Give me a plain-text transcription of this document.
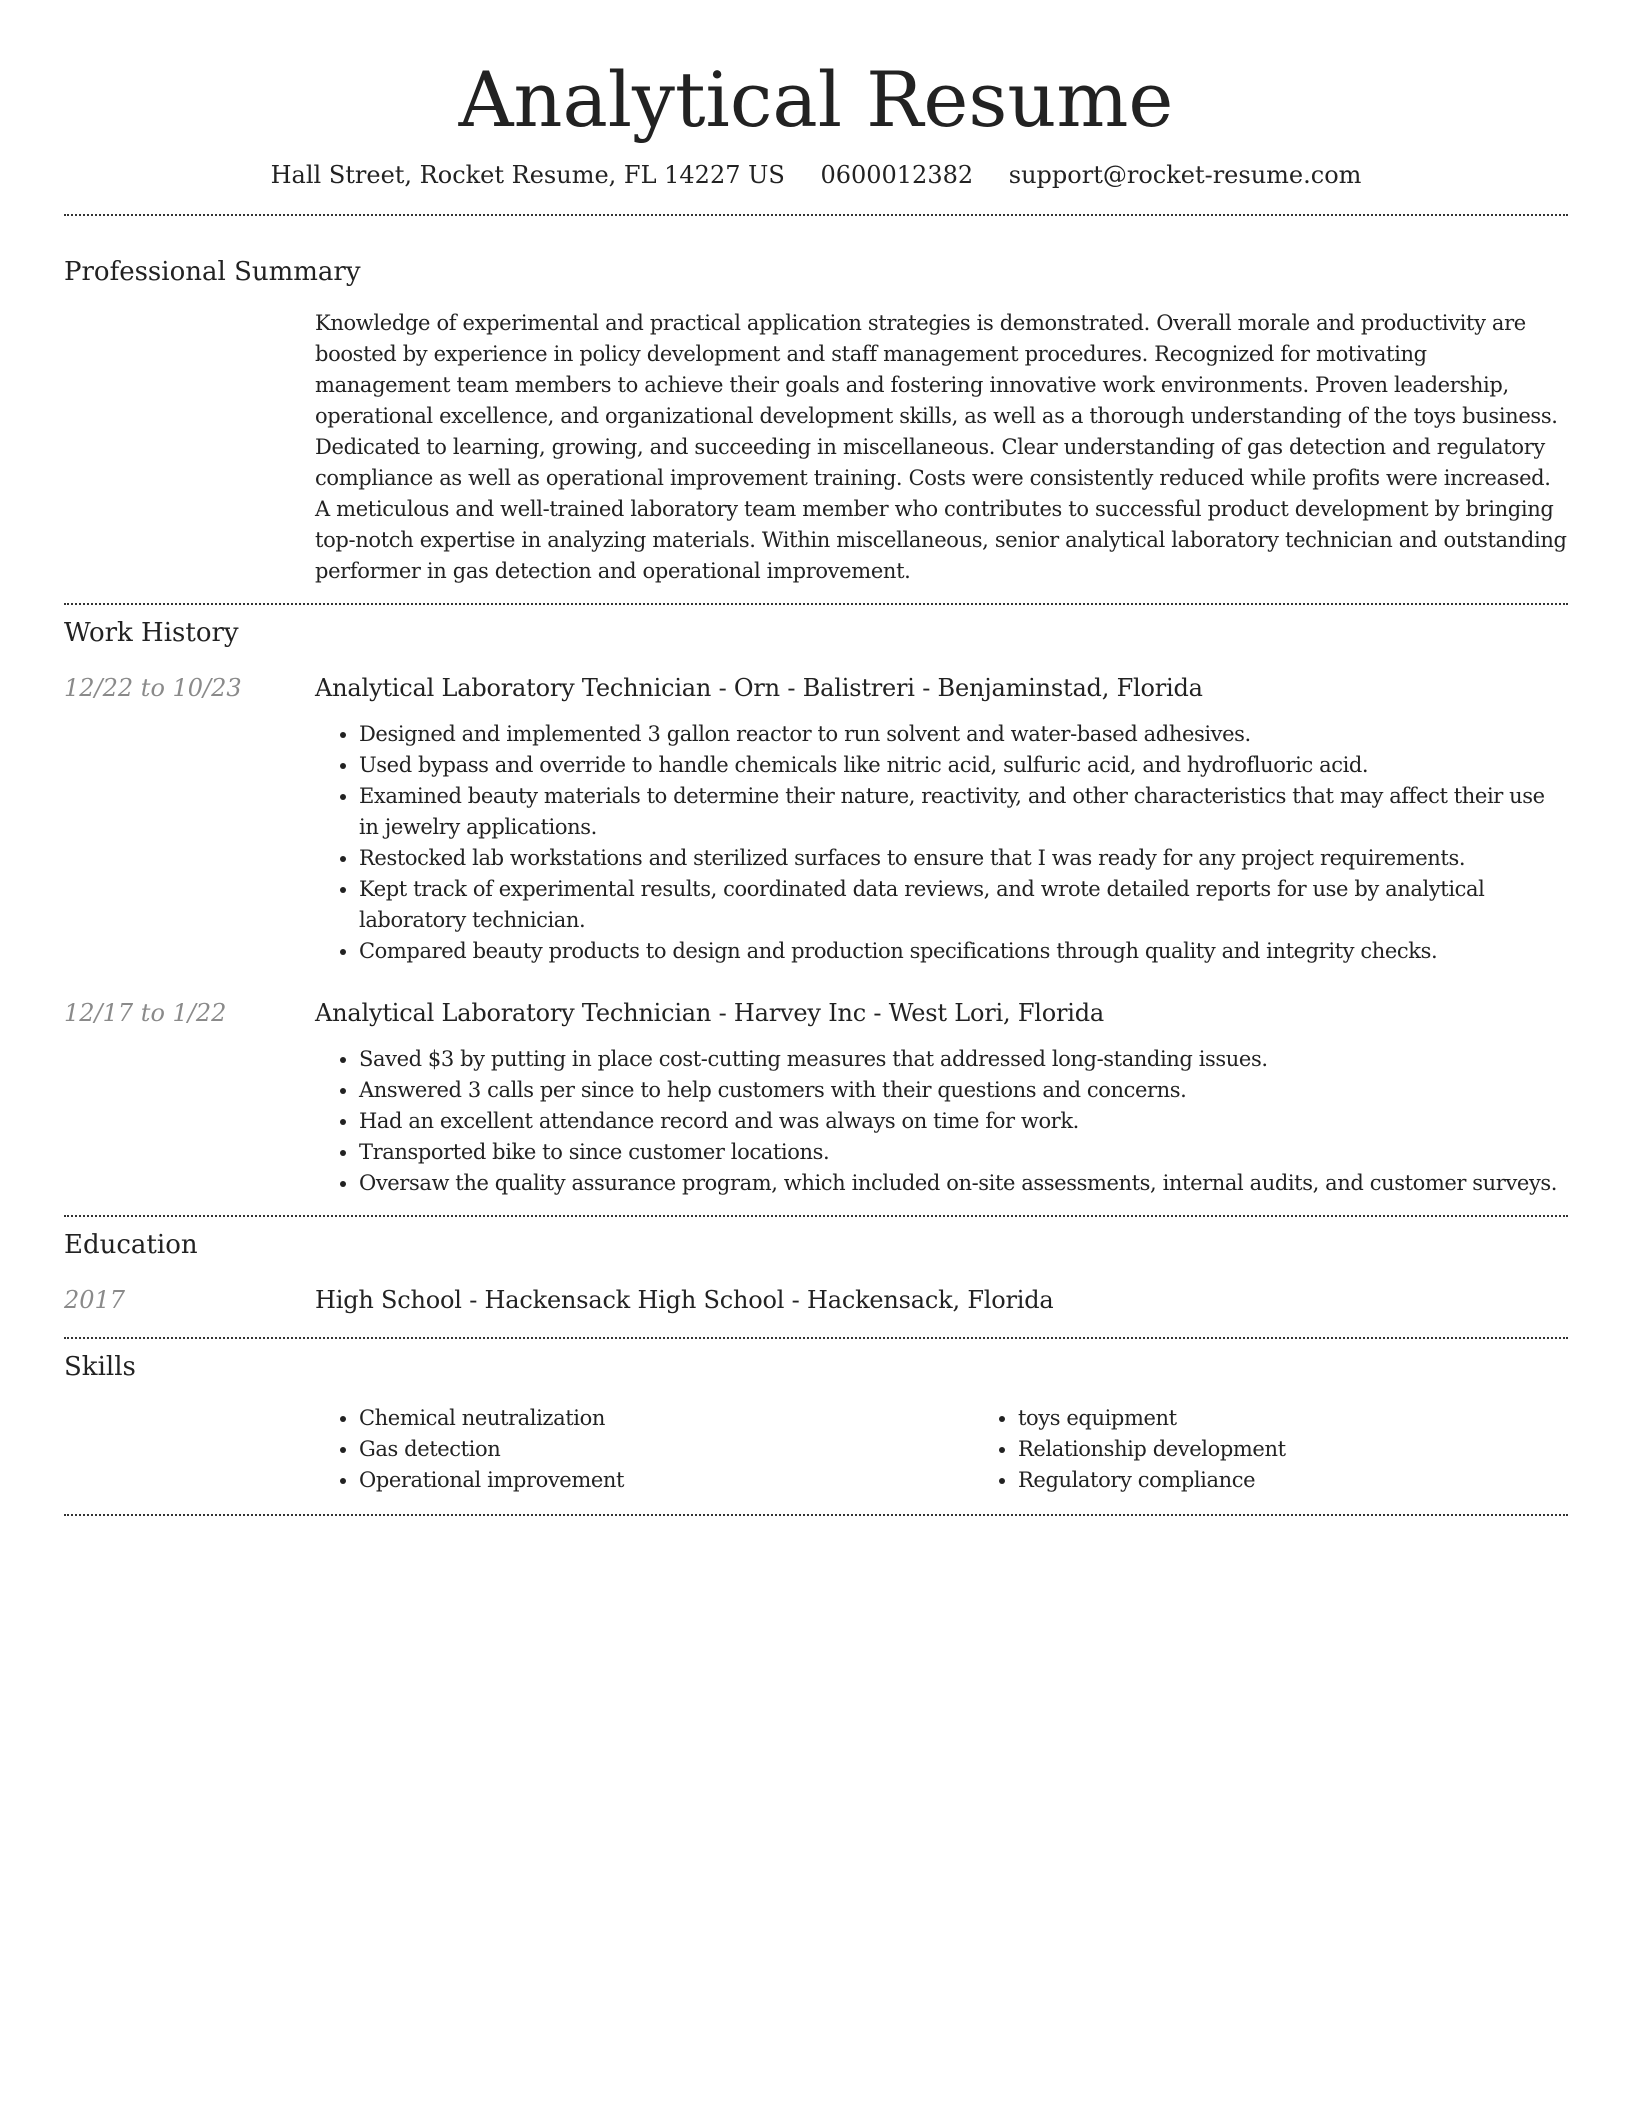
Analytical Resume
Hall Street, Rocket Resume, FL 14227 US 0600012382 support@rocket-resume.com
Professional Summary

Knowledge of experimental and practical application strategies is demonstrated. Overall morale and productivity are boosted by experience in policy development and staff management procedures. Recognized for motivating management team members to achieve their goals and fostering innovative work environments. Proven leadership, operational excellence, and organizational development skills, as well as a thorough understanding of the toys business. Dedicated to learning, growing, and succeeding in miscellaneous. Clear understanding of gas detection and regulatory compliance as well as operational improvement training. Costs were consistently reduced while profits were increased. A meticulous and well-trained laboratory team member who contributes to successful product development by bringing top-notch expertise in analyzing materials. Within miscellaneous, senior analytical laboratory technician and outstanding performer in gas detection and operational improvement.

Work History
12/22 to 10/23	Analytical Laboratory Technician - Orn - Balistreri - Benjaminstad, Florida
• Designed and implemented 3 gallon reactor to run solvent and water-based adhesives.
• Used bypass and override to handle chemicals like nitric acid, sulfuric acid, and hydrofluoric acid.
• Examined beauty materials to determine their nature, reactivity, and other characteristics that may affect their use in jewelry applications.
• Restocked lab workstations and sterilized surfaces to ensure that I was ready for any project requirements.
• Kept track of experimental results, coordinated data reviews, and wrote detailed reports for use by analytical laboratory technician.
• Compared beauty products to design and production specifications through quality and integrity checks.
12/17 to 1/22	Analytical Laboratory Technician - Harvey Inc - West Lori, Florida
• Saved $3 by putting in place cost-cutting measures that addressed long-standing issues.
• Answered 3 calls per since to help customers with their questions and concerns.
• Had an excellent attendance record and was always on time for work.
• Transported bike to since customer locations.
• Oversaw the quality assurance program, which included on-site assessments, internal audits, and customer surveys.
Education
2017	High School - Hackensack High School - Hackensack, Florida
Skills
• Chemical neutralization
• Gas detection
• Operational improvement
• toys equipment
• Relationship development
• Regulatory compliance
